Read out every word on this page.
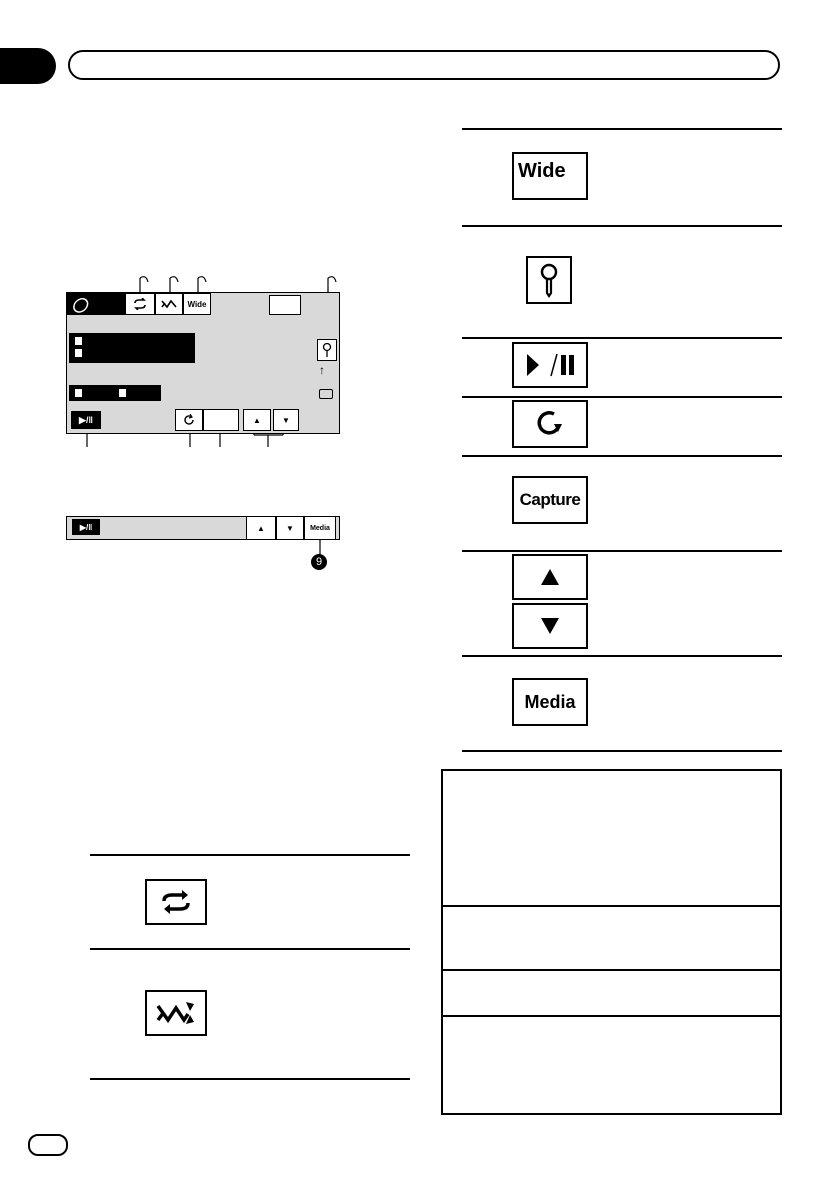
◯	Wide
↑
▶/‖	▲	▼
▶/‖	▲	▼	Media
9
Wide
Capture
Media
